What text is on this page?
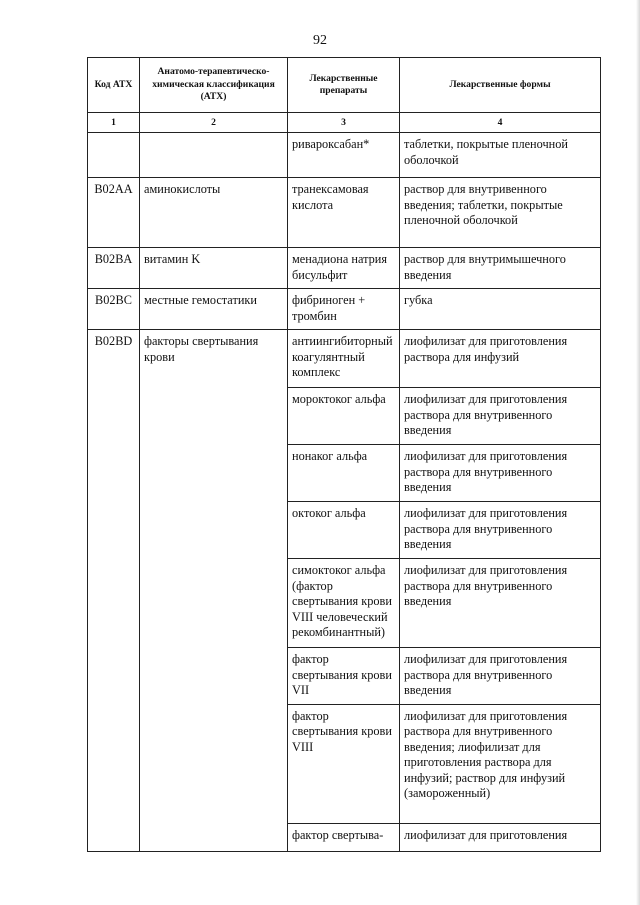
92
Код АТХ	Анатомо-терапевтическо-химическая классификация (АТХ)	Лекарственные препараты	Лекарственные формы
1	2	3	4
		ривароксабан*	таблетки, покрытые пленочной оболочкой
B02AA	аминокислоты	транексамовая кислота	раствор для внутривенного введения; таблетки, покрытые пленочной оболочкой
B02BA	витамин K	менадиона натрия бисульфит	раствор для внутримышечного введения
B02BC	местные гемостатики	фибриноген + тромбин	губка
B02BD	факторы свертывания крови	антиингибиторный коагулянтный комплекс	лиофилизат для приготовления раствора для инфузий
		мороктоког альфа	лиофилизат для приготовления раствора для внутривенного введения
		нонаког альфа	лиофилизат для приготовления раствора для внутривенного введения
		октоког альфа	лиофилизат для приготовления раствора для внутривенного введения
		симоктоког альфа (фактор свертывания крови VIII человеческий рекомбинантный)	лиофилизат для приготовления раствора для внутривенного введения
		фактор свертывания крови VII	лиофилизат для приготовления раствора для внутривенного введения
		фактор свертывания крови VIII	лиофилизат для приготовления раствора для внутривенного введения; лиофилизат для приготовления раствора для инфузий; раствор для инфузий (замороженный)
		фактор свертыва-	лиофилизат для приготовления
